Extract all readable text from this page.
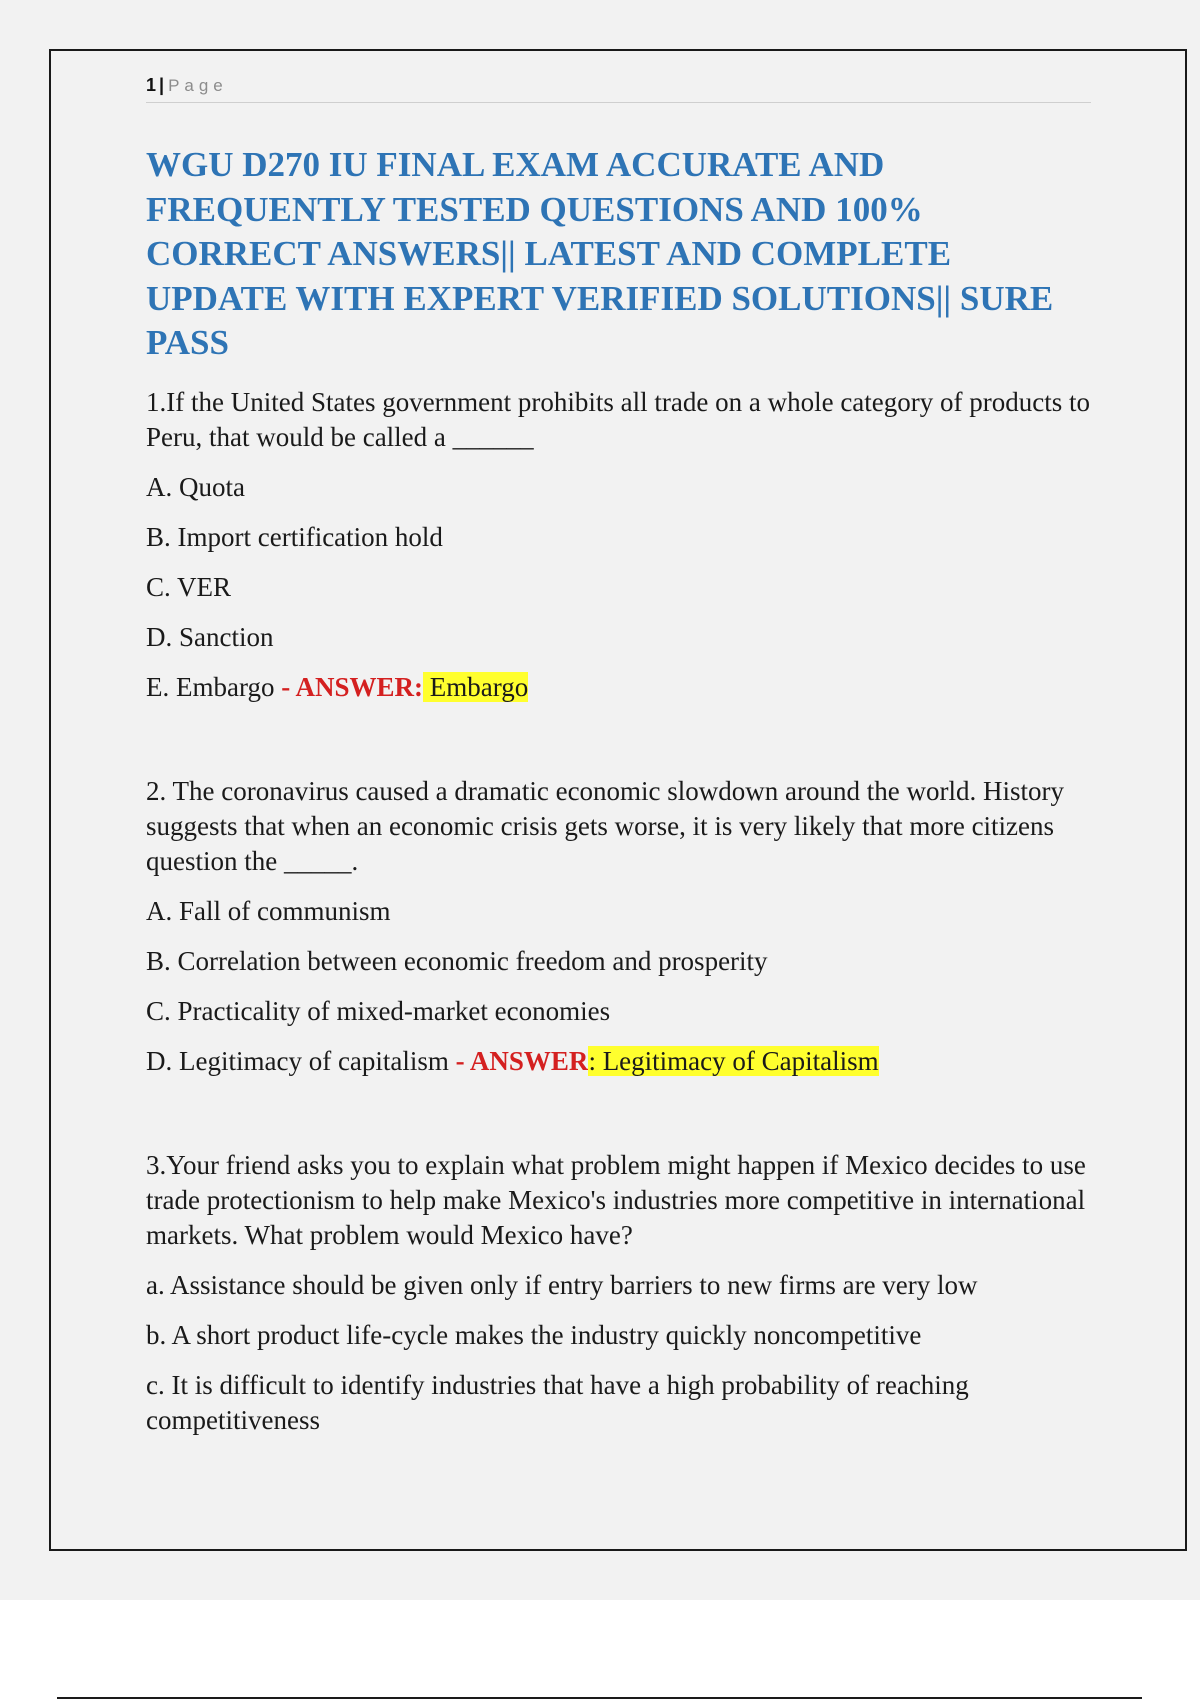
1 | Page
WGU D270 IU FINAL EXAM ACCURATE AND FREQUENTLY TESTED QUESTIONS AND 100% CORRECT ANSWERS|| LATEST AND COMPLETE UPDATE WITH EXPERT VERIFIED SOLUTIONS|| SURE PASS

1.If the United States government prohibits all trade on a whole category of products to Peru, that would be called a ______

A. Quota

B. Import certification hold

C. VER

D. Sanction

E. Embargo - ANSWER: Embargo

2. The coronavirus caused a dramatic economic slowdown around the world. History suggests that when an economic crisis gets worse, it is very likely that more citizens question the _____.

A. Fall of communism

B. Correlation between economic freedom and prosperity

C. Practicality of mixed-market economies

D. Legitimacy of capitalism - ANSWER: Legitimacy of Capitalism

3.Your friend asks you to explain what problem might happen if Mexico decides to use trade protectionism to help make Mexico's industries more competitive in international markets. What problem would Mexico have?

a. Assistance should be given only if entry barriers to new firms are very low

b. A short product life-cycle makes the industry quickly noncompetitive

c. It is difficult to identify industries that have a high probability of reaching competitiveness
